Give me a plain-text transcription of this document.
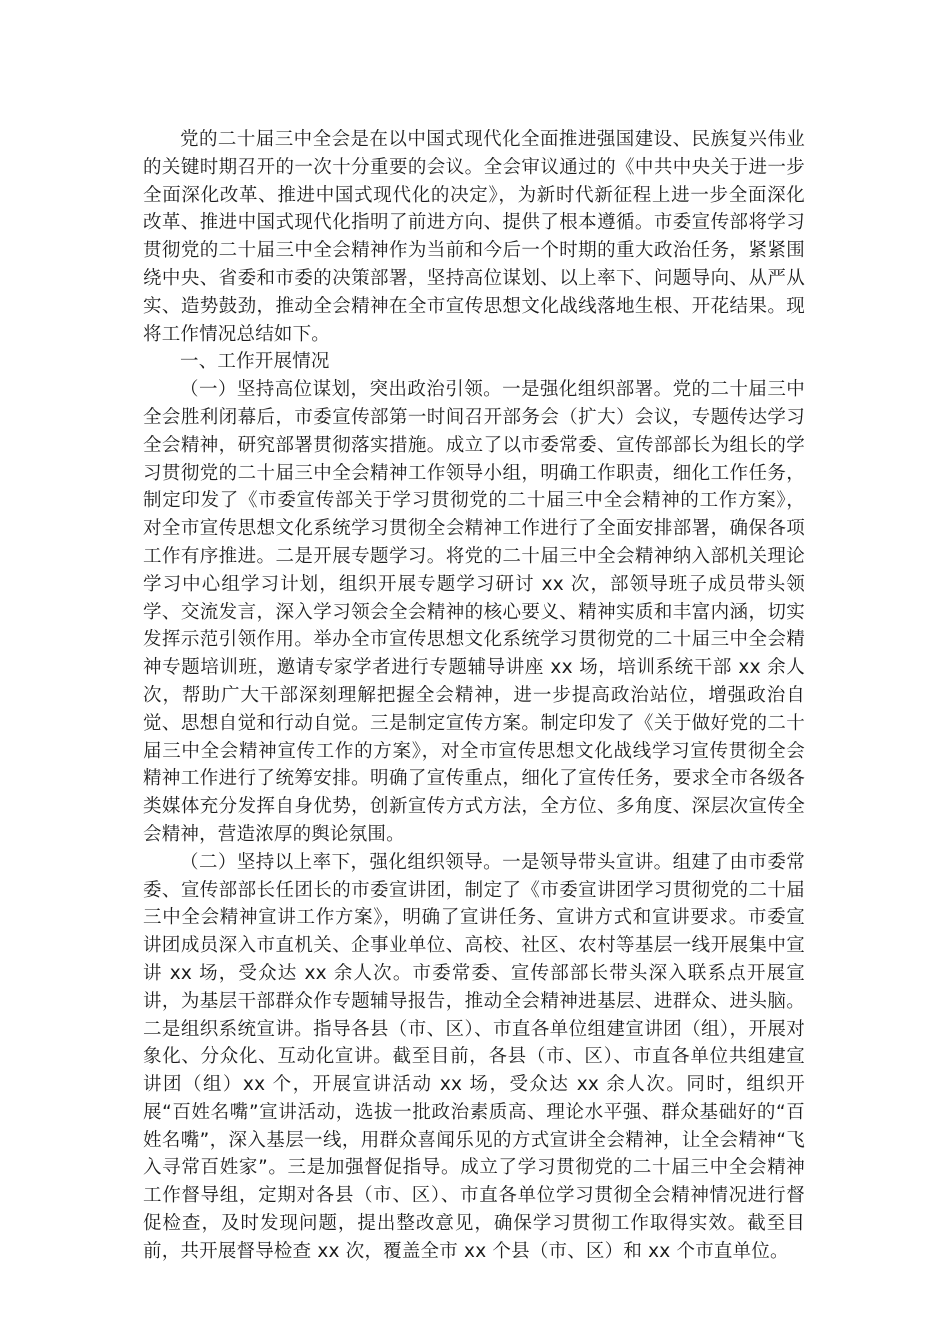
党的二十届三中全会是在以中国式现代化全面推进强国建设、民族复兴伟业的关键时期召开的一次十分重要的会议。全会审议通过的《中共中央关于进一步全面深化改革、推进中国式现代化的决定》，为新时代新征程上进一步全面深化改革、推进中国式现代化指明了前进方向、提供了根本遵循。市委宣传部将学习贯彻党的二十届三中全会精神作为当前和今后一个时期的重大政治任务，紧紧围绕中央、省委和市委的决策部署，坚持高位谋划、以上率下、问题导向、从严从实、造势鼓劲，推动全会精神在全市宣传思想文化战线落地生根、开花结果。现将工作情况总结如下。

一、工作开展情况

（一）坚持高位谋划，突出政治引领。一是强化组织部署。党的二十届三中全会胜利闭幕后，市委宣传部第一时间召开部务会（扩大）会议，专题传达学习全会精神，研究部署贯彻落实措施。成立了以市委常委、宣传部部长为组长的学习贯彻党的二十届三中全会精神工作领导小组，明确工作职责，细化工作任务，制定印发了《市委宣传部关于学习贯彻党的二十届三中全会精神的工作方案》，对全市宣传思想文化系统学习贯彻全会精神工作进行了全面安排部署，确保各项工作有序推进。二是开展专题学习。将党的二十届三中全会精神纳入部机关理论学习中心组学习计划，组织开展专题学习研讨 xx 次，部领导班子成员带头领学、交流发言，深入学习领会全会精神的核心要义、精神实质和丰富内涵，切实发挥示范引领作用。举办全市宣传思想文化系统学习贯彻党的二十届三中全会精神专题培训班，邀请专家学者进行专题辅导讲座 xx 场，培训系统干部 xx 余人次，帮助广大干部深刻理解把握全会精神，进一步提高政治站位，增强政治自觉、思想自觉和行动自觉。三是制定宣传方案。制定印发了《关于做好党的二十届三中全会精神宣传工作的方案》，对全市宣传思想文化战线学习宣传贯彻全会精神工作进行了统筹安排。明确了宣传重点，细化了宣传任务，要求全市各级各类媒体充分发挥自身优势，创新宣传方式方法，全方位、多角度、深层次宣传全会精神，营造浓厚的舆论氛围。

（二）坚持以上率下，强化组织领导。一是领导带头宣讲。组建了由市委常委、宣传部部长任团长的市委宣讲团，制定了《市委宣讲团学习贯彻党的二十届三中全会精神宣讲工作方案》，明确了宣讲任务、宣讲方式和宣讲要求。市委宣讲团成员深入市直机关、企事业单位、高校、社区、农村等基层一线开展集中宣讲 xx 场，受众达 xx 余人次。市委常委、宣传部部长带头深入联系点开展宣讲，为基层干部群众作专题辅导报告，推动全会精神进基层、进群众、进头脑。二是组织系统宣讲。指导各县（市、区）、市直各单位组建宣讲团（组），开展对象化、分众化、互动化宣讲。截至目前，各县（市、区）、市直各单位共组建宣讲团（组）xx 个，开展宣讲活动 xx 场，受众达 xx 余人次。同时，组织开展“百姓名嘴”宣讲活动，选拔一批政治素质高、理论水平强、群众基础好的“百姓名嘴”，深入基层一线，用群众喜闻乐见的方式宣讲全会精神，让全会精神“飞入寻常百姓家”。三是加强督促指导。成立了学习贯彻党的二十届三中全会精神工作督导组，定期对各县（市、区）、市直各单位学习贯彻全会精神情况进行督促检查，及时发现问题，提出整改意见，确保学习贯彻工作取得实效。截至目前，共开展督导检查 xx 次，覆盖全市 xx 个县（市、区）和 xx 个市直单位。
